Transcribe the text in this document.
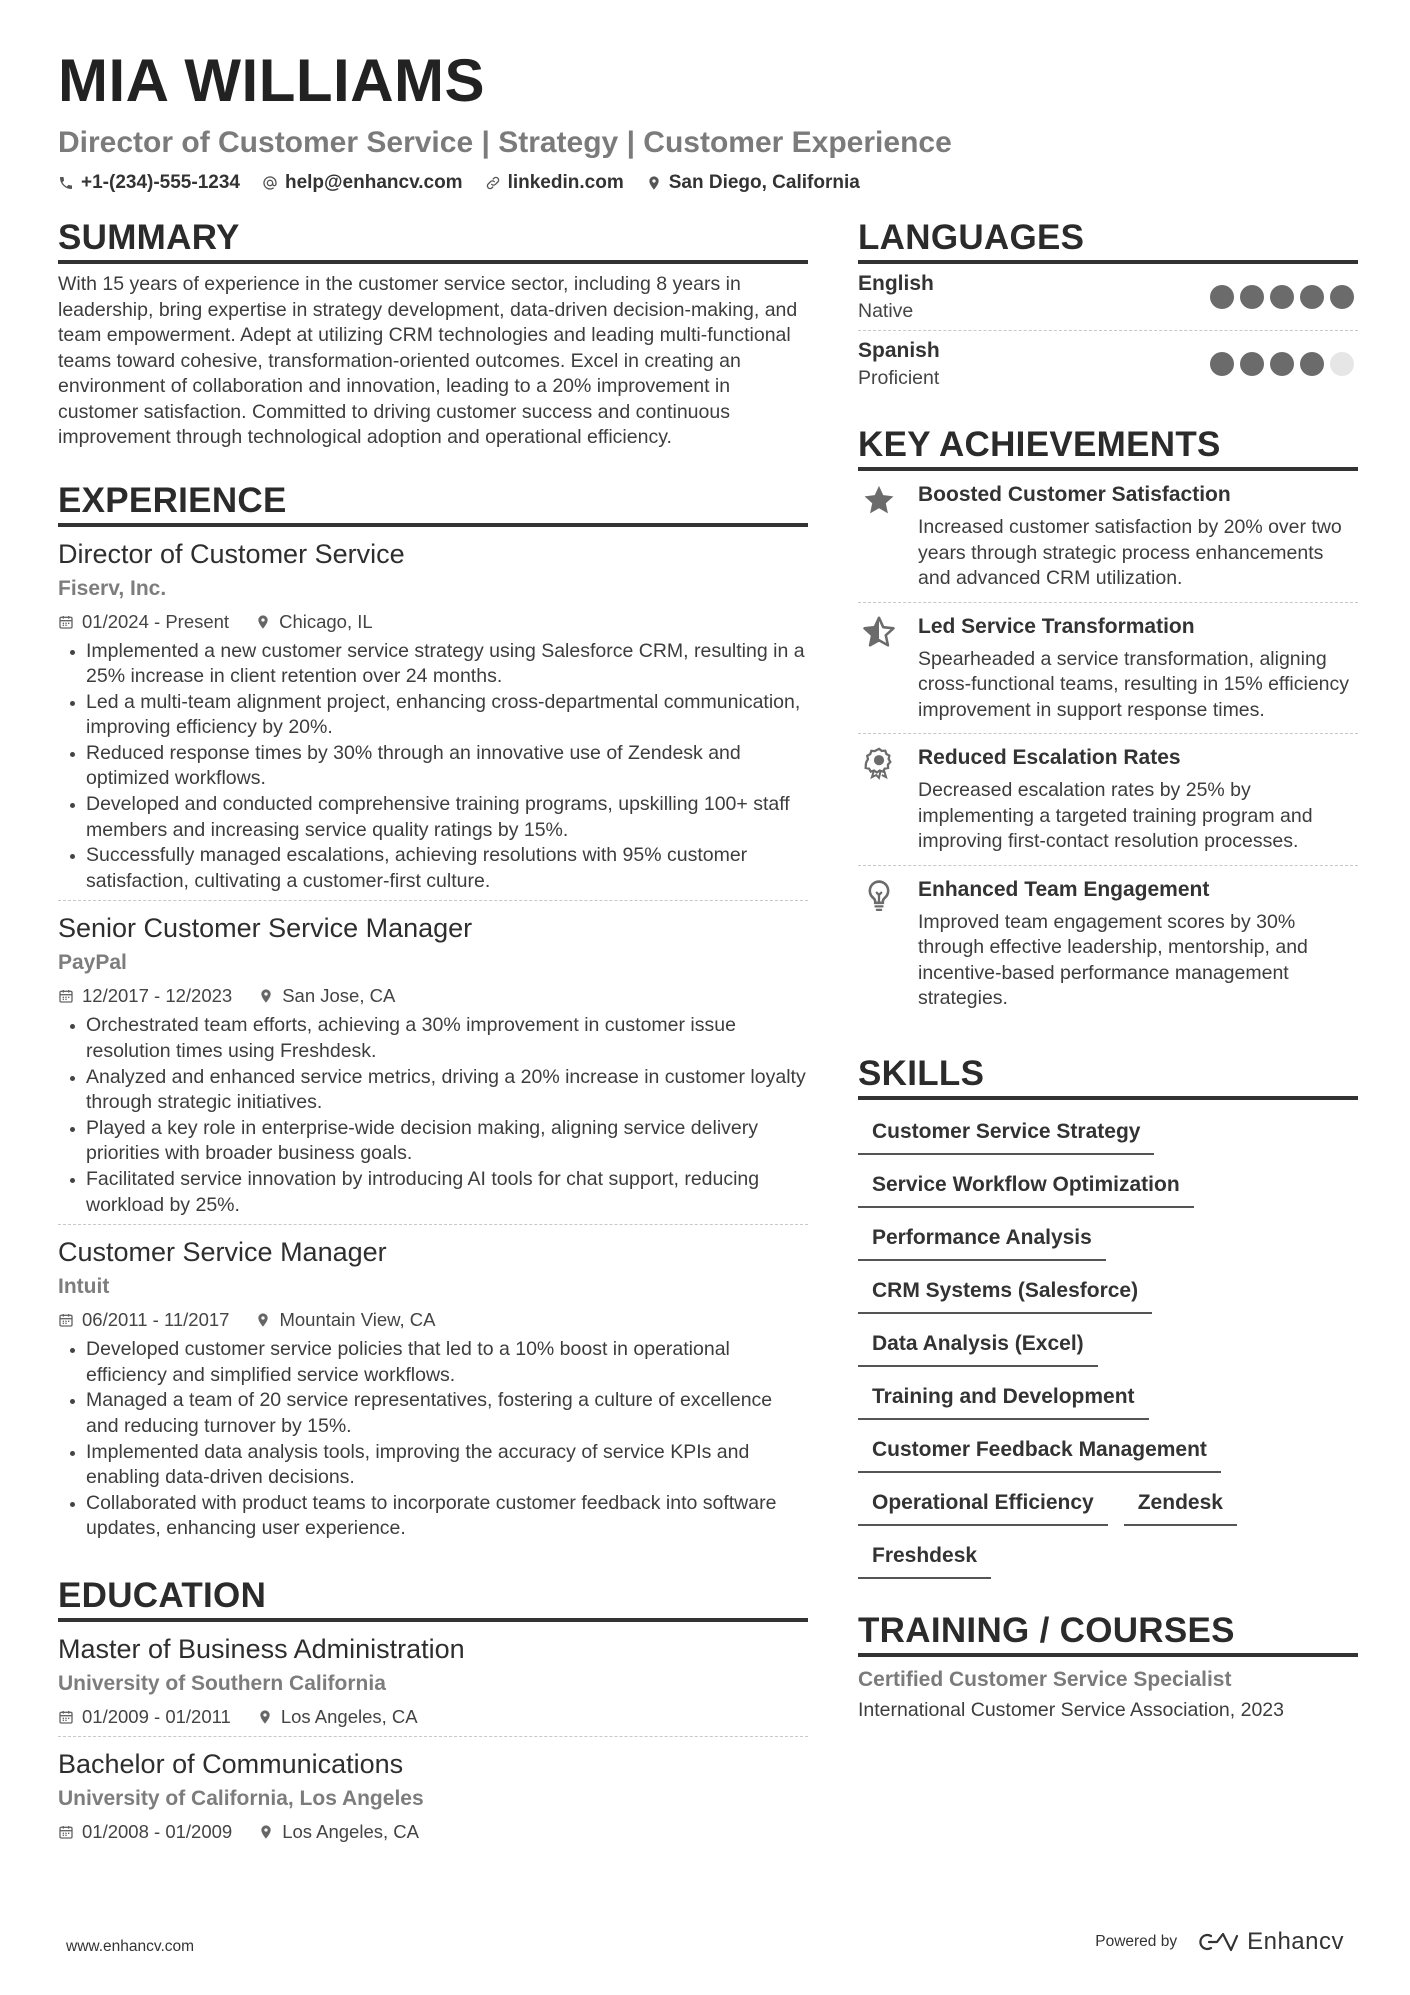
MIA WILLIAMS
Director of Customer Service | Strategy | Customer Experience
+1-(234)-555-1234 help@enhancv.com linkedin.com San Diego, California
SUMMARY
With 15 years of experience in the customer service sector, including 8 years in leadership, bring expertise in strategy development, data-driven decision-making, and team empowerment. Adept at utilizing CRM technologies and leading multi-functional teams toward cohesive, transformation-oriented outcomes. Excel in creating an environment of collaboration and innovation, leading to a 20% improvement in customer satisfaction. Committed to driving customer success and continuous improvement through technological adoption and operational efficiency.
EXPERIENCE
Director of Customer Service
Fiserv, Inc.
01/2024 - Present	Chicago, IL
Implemented a new customer service strategy using Salesforce CRM, resulting in a 25% increase in client retention over 24 months.
Led a multi-team alignment project, enhancing cross-departmental communication, improving efficiency by 20%.
Reduced response times by 30% through an innovative use of Zendesk and optimized workflows.
Developed and conducted comprehensive training programs, upskilling 100+ staff members and increasing service quality ratings by 15%.
Successfully managed escalations, achieving resolutions with 95% customer satisfaction, cultivating a customer-first culture.
Senior Customer Service Manager
PayPal
12/2017 - 12/2023	San Jose, CA
Orchestrated team efforts, achieving a 30% improvement in customer issue resolution times using Freshdesk.
Analyzed and enhanced service metrics, driving a 20% increase in customer loyalty through strategic initiatives.
Played a key role in enterprise-wide decision making, aligning service delivery priorities with broader business goals.
Facilitated service innovation by introducing AI tools for chat support, reducing workload by 25%.
Customer Service Manager
Intuit
06/2011 - 11/2017	Mountain View, CA
Developed customer service policies that led to a 10% boost in operational efficiency and simplified service workflows.
Managed a team of 20 service representatives, fostering a culture of excellence and reducing turnover by 15%.
Implemented data analysis tools, improving the accuracy of service KPIs and enabling data-driven decisions.
Collaborated with product teams to incorporate customer feedback into software updates, enhancing user experience.
EDUCATION
Master of Business Administration
University of Southern California
01/2009 - 01/2011	Los Angeles, CA
Bachelor of Communications
University of California, Los Angeles
01/2008 - 01/2009	Los Angeles, CA
LANGUAGES
English
Native
Spanish
Proficient
KEY ACHIEVEMENTS
Boosted Customer Satisfaction
Increased customer satisfaction by 20% over two years through strategic process enhancements and advanced CRM utilization.
Led Service Transformation
Spearheaded a service transformation, aligning cross-functional teams, resulting in 15% efficiency improvement in support response times.
Reduced Escalation Rates
Decreased escalation rates by 25% by implementing a targeted training program and improving first-contact resolution processes.
Enhanced Team Engagement
Improved team engagement scores by 30% through effective leadership, mentorship, and incentive-based performance management strategies.
SKILLS
Customer Service Strategy
Service Workflow Optimization
Performance Analysis
CRM Systems (Salesforce)
Data Analysis (Excel)
Training and Development
Customer Feedback Management
Operational Efficiency	Zendesk
Freshdesk
TRAINING / COURSES
Certified Customer Service Specialist
International Customer Service Association, 2023
www.enhancv.com	Powered by	Enhancv
